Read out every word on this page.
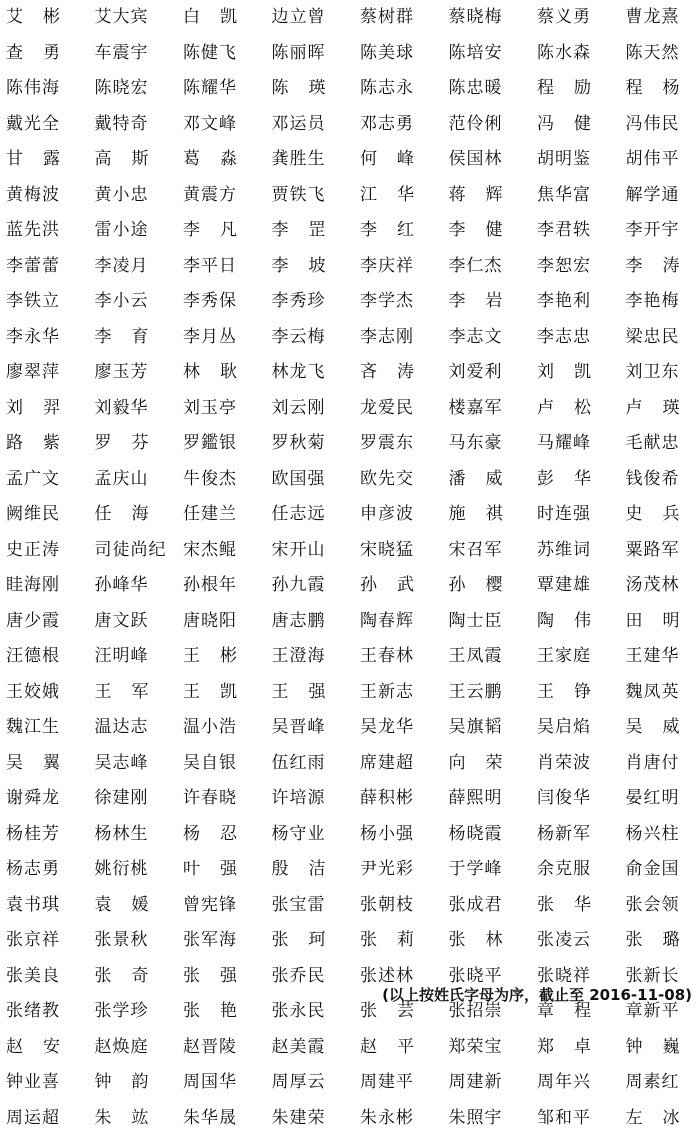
艾 彬 艾大宾 白 凯 边立曾 蔡树群 蔡晓梅 蔡义勇 曹龙熹
查 勇 车震宇 陈健飞 陈丽晖 陈美球 陈培安 陈水森 陈天然
陈伟海 陈晓宏 陈耀华 陈 瑛 陈志永 陈忠暖 程 励 程 杨
戴光全 戴特奇 邓文峰 邓运员 邓志勇 范伶俐 冯 健 冯伟民
甘 露 高 斯 葛 淼 龚胜生 何 峰 侯国林 胡明鉴 胡伟平
黄梅波 黄小忠 黄震方 贾铁飞 江 华 蒋 辉 焦华富 解学通
蓝先洪 雷小途 李 凡 李 罡 李 红 李 健 李君轶 李开宇
李蕾蕾 李凌月 李平日 李 坡 李庆祥 李仁杰 李恕宏 李 涛
李铁立 李小云 李秀保 李秀珍 李学杰 李 岩 李艳利 李艳梅
李永华 李 育 李月丛 李云梅 李志刚 李志文 李志忠 梁忠民
廖翠萍 廖玉芳 林 耿 林龙飞 吝 涛 刘爱利 刘 凯 刘卫东
刘 羿 刘毅华 刘玉亭 刘云刚 龙爱民 楼嘉军 卢 松 卢 瑛
路 紫 罗 芬 罗鑑银 罗秋菊 罗震东 马东豪 马耀峰 毛献忠
孟广文 孟庆山 牛俊杰 欧国强 欧先交 潘 威 彭 华 钱俊希
阙维民 任 海 任建兰 任志远 申彦波 施 祺 时连强 史 兵
史正涛 司徒尚纪 宋杰鲲 宋开山 宋晓猛 宋召军 苏维词 粟路军
眭海刚 孙峰华 孙根年 孙九霞 孙 武 孙 樱 覃建雄 汤茂林
唐少霞 唐文跃 唐晓阳 唐志鹏 陶春辉 陶士臣 陶 伟 田 明
汪德根 汪明峰 王 彬 王澄海 王春林 王凤霞 王家庭 王建华
王姣娥 王 军 王 凯 王 强 王新志 王云鹏 王 铮 魏凤英
魏江生 温达志 温小浩 吴晋峰 吴龙华 吴旗韬 吴启焰 吴 威
吴 翼 吴志峰 吴自银 伍红雨 席建超 向 荣 肖荣波 肖唐付
谢舜龙 徐建刚 许春晓 许培源 薛积彬 薛熙明 闫俊华 晏红明
杨桂芳 杨林生 杨 忍 杨守业 杨小强 杨晓霞 杨新军 杨兴柱
杨志勇 姚衍桃 叶 强 殷 洁 尹光彩 于学峰 余克服 俞金国
袁书琪 袁 媛 曾宪锋 张宝雷 张朝枝 张成君 张 华 张会领
张京祥 张景秋 张军海 张 珂 张 莉 张 林 张凌云 张 璐
张美良 张 奇 张 强 张乔民 张述林 张晓平 张晓祥 张新长
张绪教 张学珍 张 艳 张永民 张 芸 张招崇 章 程 章新平
赵 安 赵焕庭 赵晋陵 赵美霞 赵 平 郑荣宝 郑 卓 钟 巍
钟业喜 钟 韵 周国华 周厚云 周建平 周建新 周年兴 周素红
周运超 朱 竑 朱华晟 朱建荣 朱永彬 朱照宇 邹和平 左 冰
(以上按姓氏字母为序，截止至 2016-11-08)
